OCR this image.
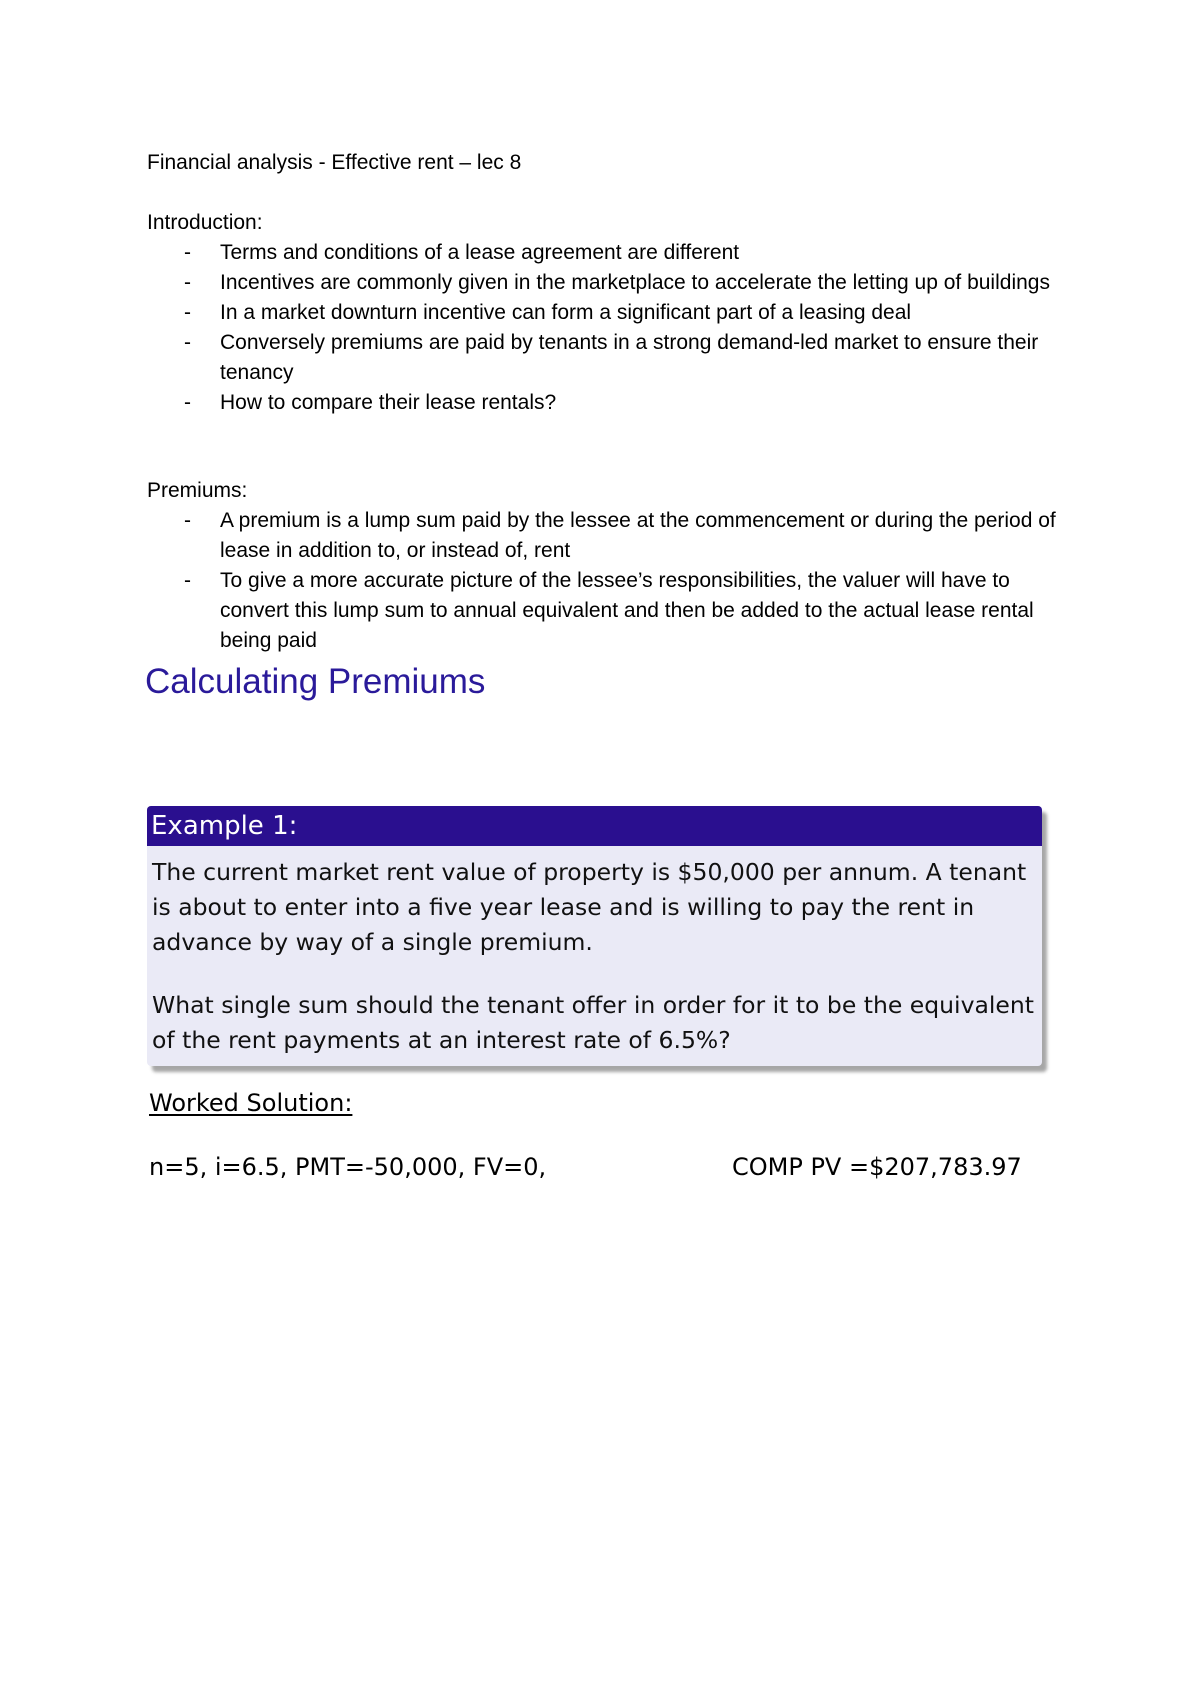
Financial analysis - Effective rent – lec 8
Introduction:
- Terms and conditions of a lease agreement are different
- Incentives are commonly given in the marketplace to accelerate the letting up of buildings
- In a market downturn incentive can form a significant part of a leasing deal
- Conversely premiums are paid by tenants in a strong demand-led market to ensure their tenancy
- How to compare their lease rentals?
Premiums:
- A premium is a lump sum paid by the lessee at the commencement or during the period of lease in addition to, or instead of, rent
- To give a more accurate picture of the lessee’s responsibilities, the valuer will have to convert this lump sum to annual equivalent and then be added to the actual lease rental being paid
Calculating Premiums
Example 1:

The current market rent value of property is $50,000 per annum. A tenant is about to enter into a five year lease and is willing to pay the rent in advance by way of a single premium.

What single sum should the tenant offer in order for it to be the equivalent of the rent payments at an interest rate of 6.5%?

Worked Solution:
n=5, i=6.5, PMT=-50,000, FV=0,	COMP PV =$207,783.97
